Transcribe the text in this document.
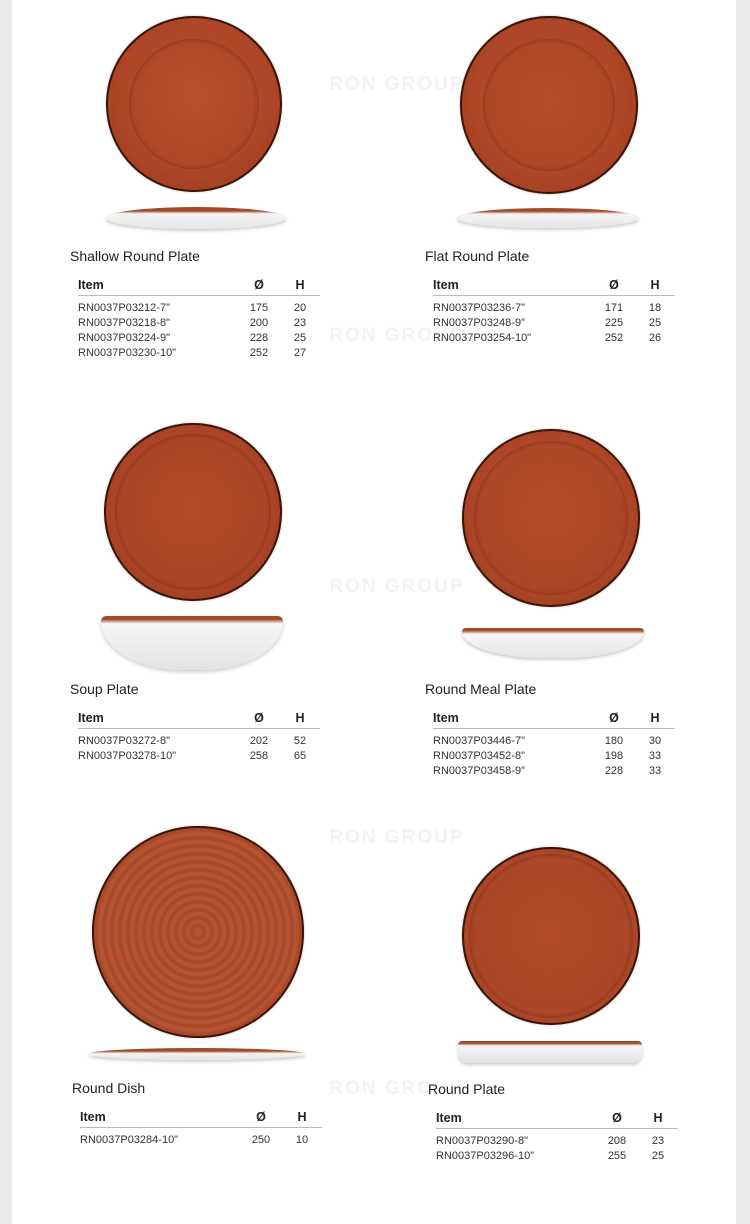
Shallow Round Plate
Item	Ø	H
RN0037P03212-7"	175	20
RN0037P03218-8"	200	23
RN0037P03224-9"	228	25
RN0037P03230-10"	252	27
Flat Round Plate
Item	Ø	H
RN0037P03236-7"	171	18
RN0037P03248-9"	225	25
RN0037P03254-10"	252	26
Soup Plate
Item	Ø	H
RN0037P03272-8"	202	52
RN0037P03278-10"	258	65
Round Meal Plate
Item	Ø	H
RN0037P03446-7"	180	30
RN0037P03452-8"	198	33
RN0037P03458-9"	228	33
Round Dish
Item	Ø	H
RN0037P03284-10"	250	10
Round Plate
Item	Ø	H
RN0037P03290-8"	208	23
RN0037P03296-10"	255	25
